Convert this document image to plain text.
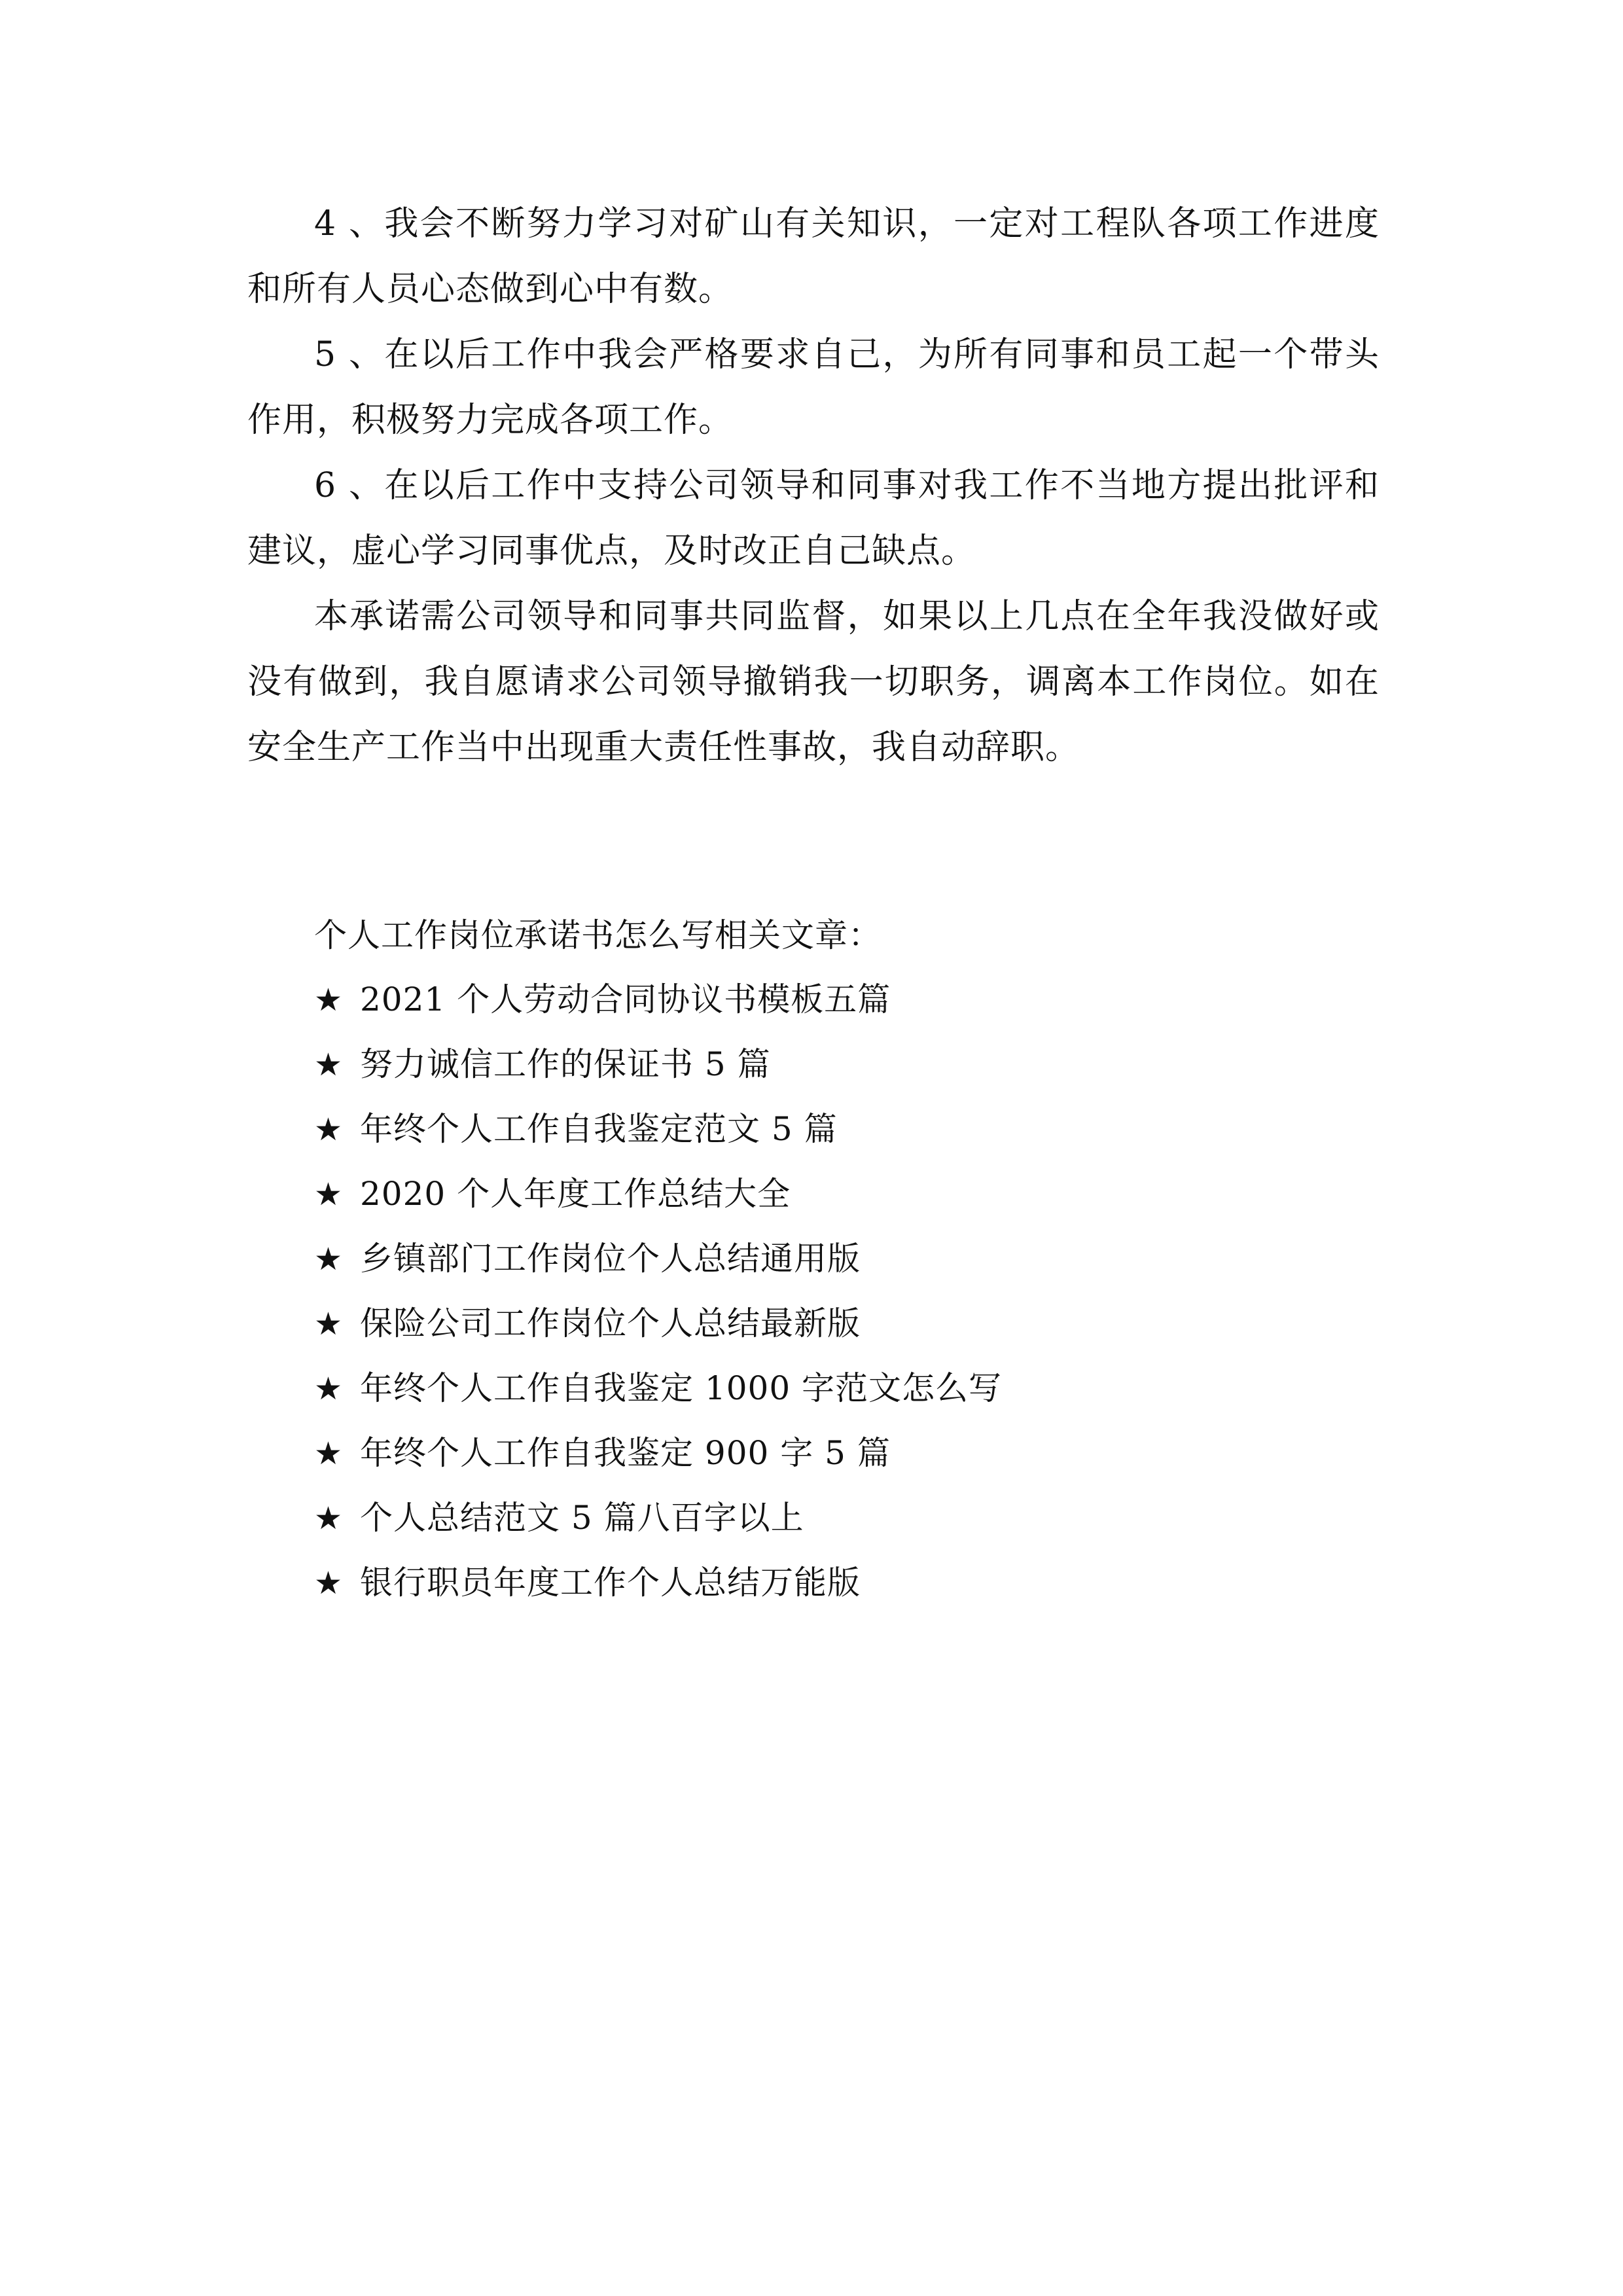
4 、我会不断努力学习对矿山有关知识，一定对工程队各项工作进度和所有人员心态做到心中有数。

5 、在以后工作中我会严格要求自己，为所有同事和员工起一个带头作用，积极努力完成各项工作。

6 、在以后工作中支持公司领导和同事对我工作不当地方提出批评和建议，虚心学习同事优点，及时改正自己缺点。

本承诺需公司领导和同事共同监督，如果以上几点在全年我没做好或没有做到，我自愿请求公司领导撤销我一切职务，调离本工作岗位。如在安全生产工作当中出现重大责任性事故，我自动辞职。

个人工作岗位承诺书怎么写相关文章：

★ 2021 个人劳动合同协议书模板五篇
★ 努力诚信工作的保证书 5 篇
★ 年终个人工作自我鉴定范文 5 篇
★ 2020 个人年度工作总结大全
★ 乡镇部门工作岗位个人总结通用版
★ 保险公司工作岗位个人总结最新版
★ 年终个人工作自我鉴定 1000 字范文怎么写
★ 年终个人工作自我鉴定 900 字 5 篇
★ 个人总结范文 5 篇八百字以上
★ 银行职员年度工作个人总结万能版
